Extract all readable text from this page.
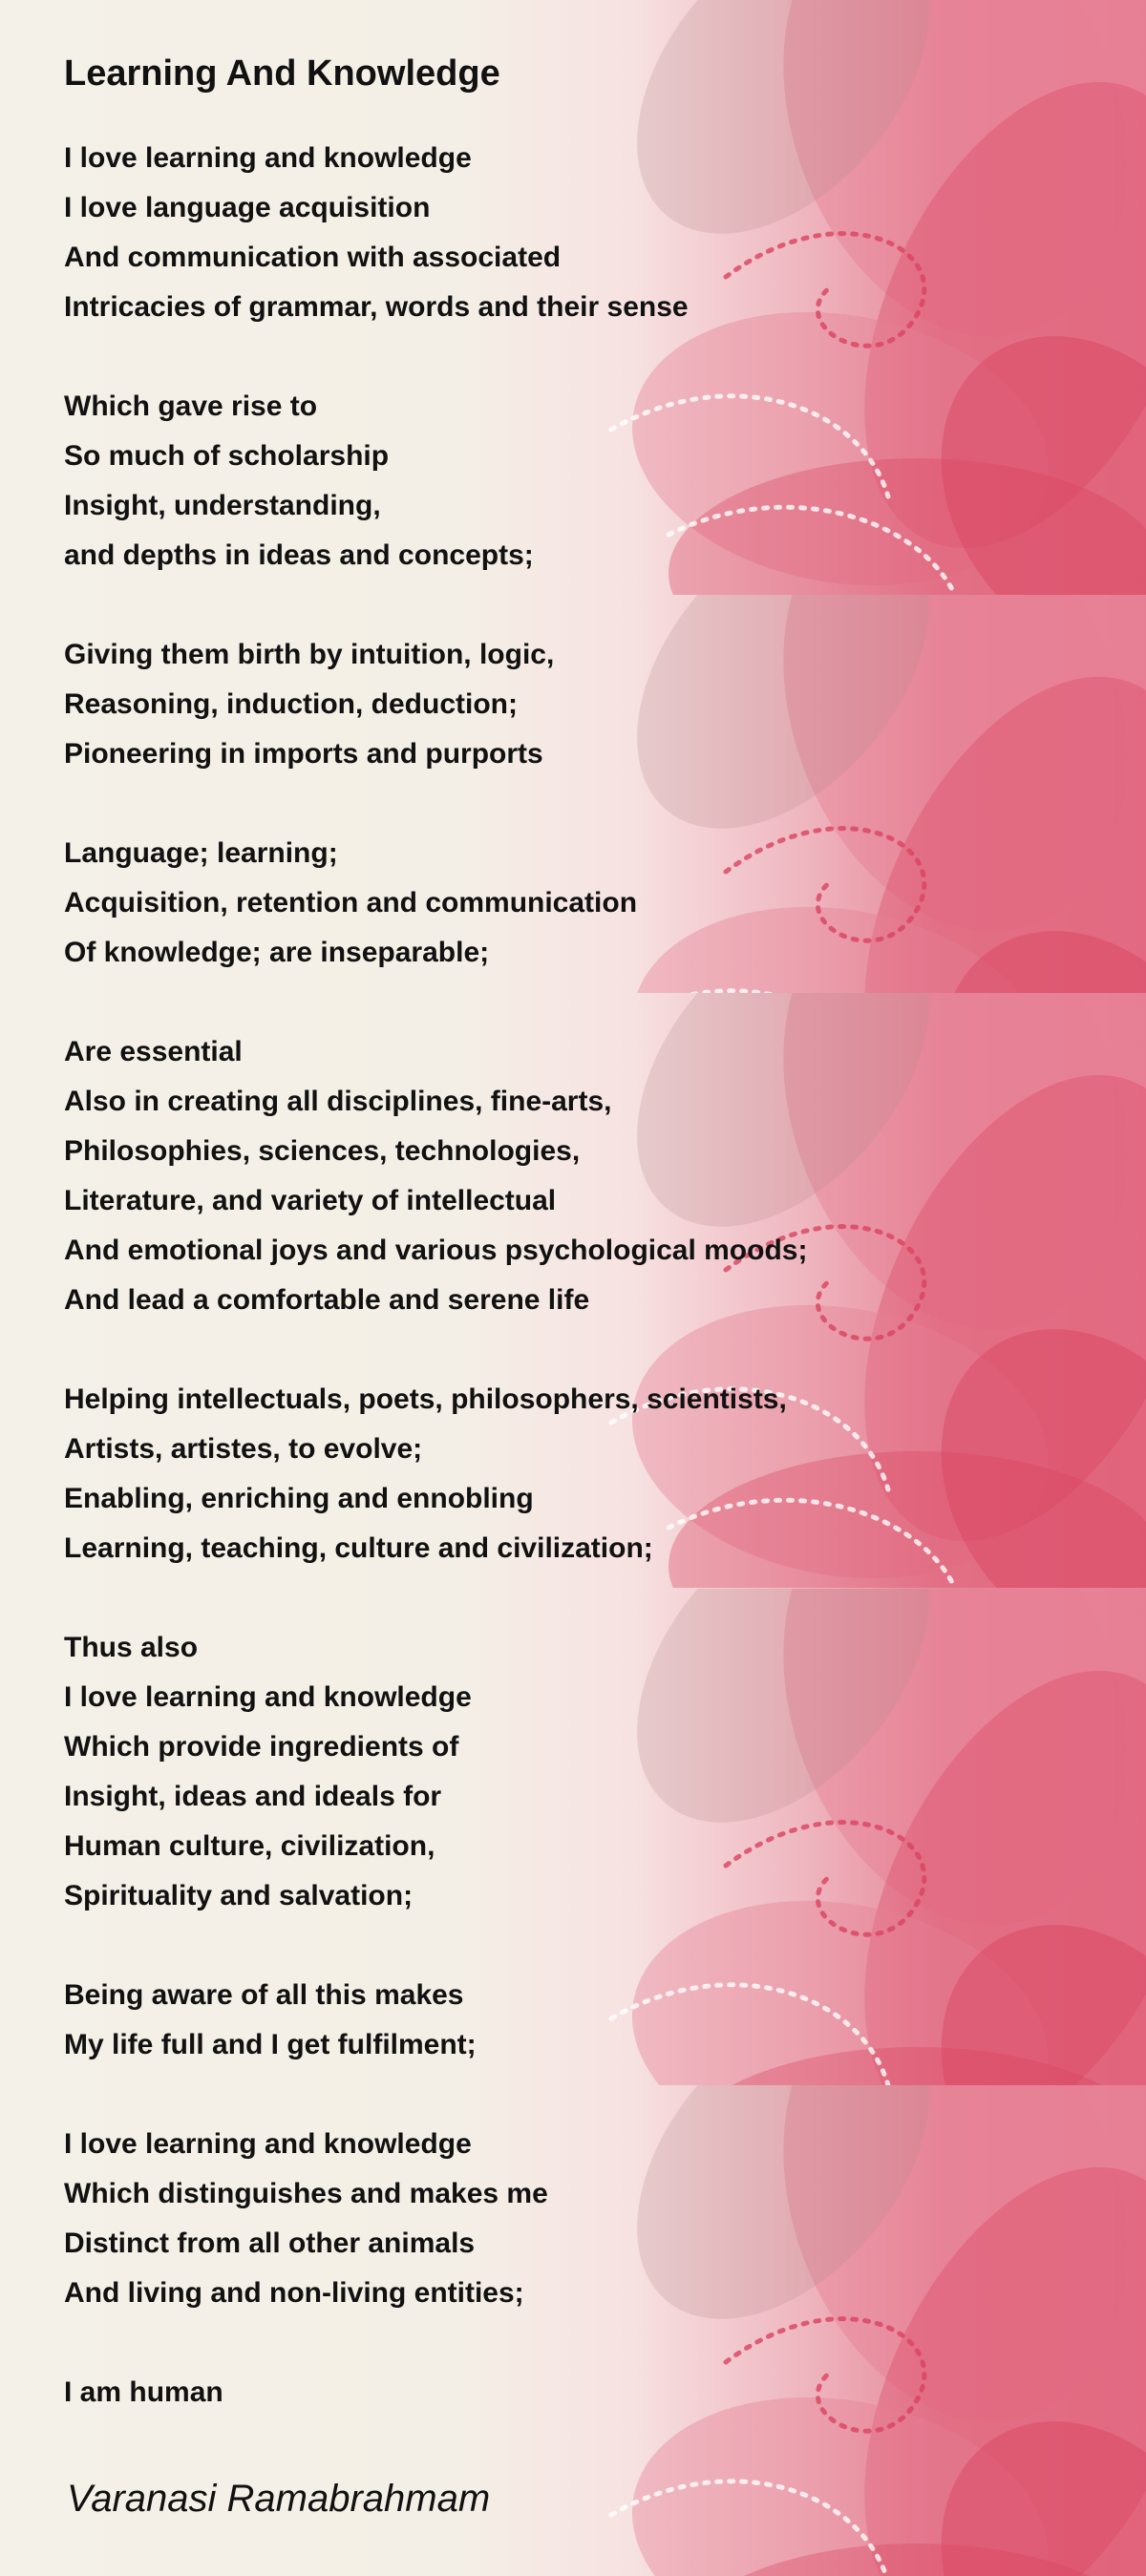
Learning And Knowledge
I love learning and knowledge
I love language acquisition
And communication with associated
Intricacies of grammar, words and their sense
Which gave rise to
So much of scholarship
Insight, understanding,
and depths in ideas and concepts;
Giving them birth by intuition, logic,
Reasoning, induction, deduction;
Pioneering in imports and purports
Language; learning;
Acquisition, retention and communication
Of knowledge; are inseparable;
Are essential
Also in creating all disciplines, fine-arts,
Philosophies, sciences, technologies,
Literature, and variety of intellectual
And emotional joys and various psychological moods;
And lead a comfortable and serene life
Helping intellectuals, poets, philosophers, scientists,
Artists, artistes, to evolve;
Enabling, enriching and ennobling
Learning, teaching, culture and civilization;
Thus also
I love learning and knowledge
Which provide ingredients of
Insight, ideas and ideals for
Human culture, civilization,
Spirituality and salvation;
Being aware of all this makes
My life full and I get fulfilment;
I love learning and knowledge
Which distinguishes and makes me
Distinct from all other animals
And living and non-living entities;
I am human
Varanasi Ramabrahmam
